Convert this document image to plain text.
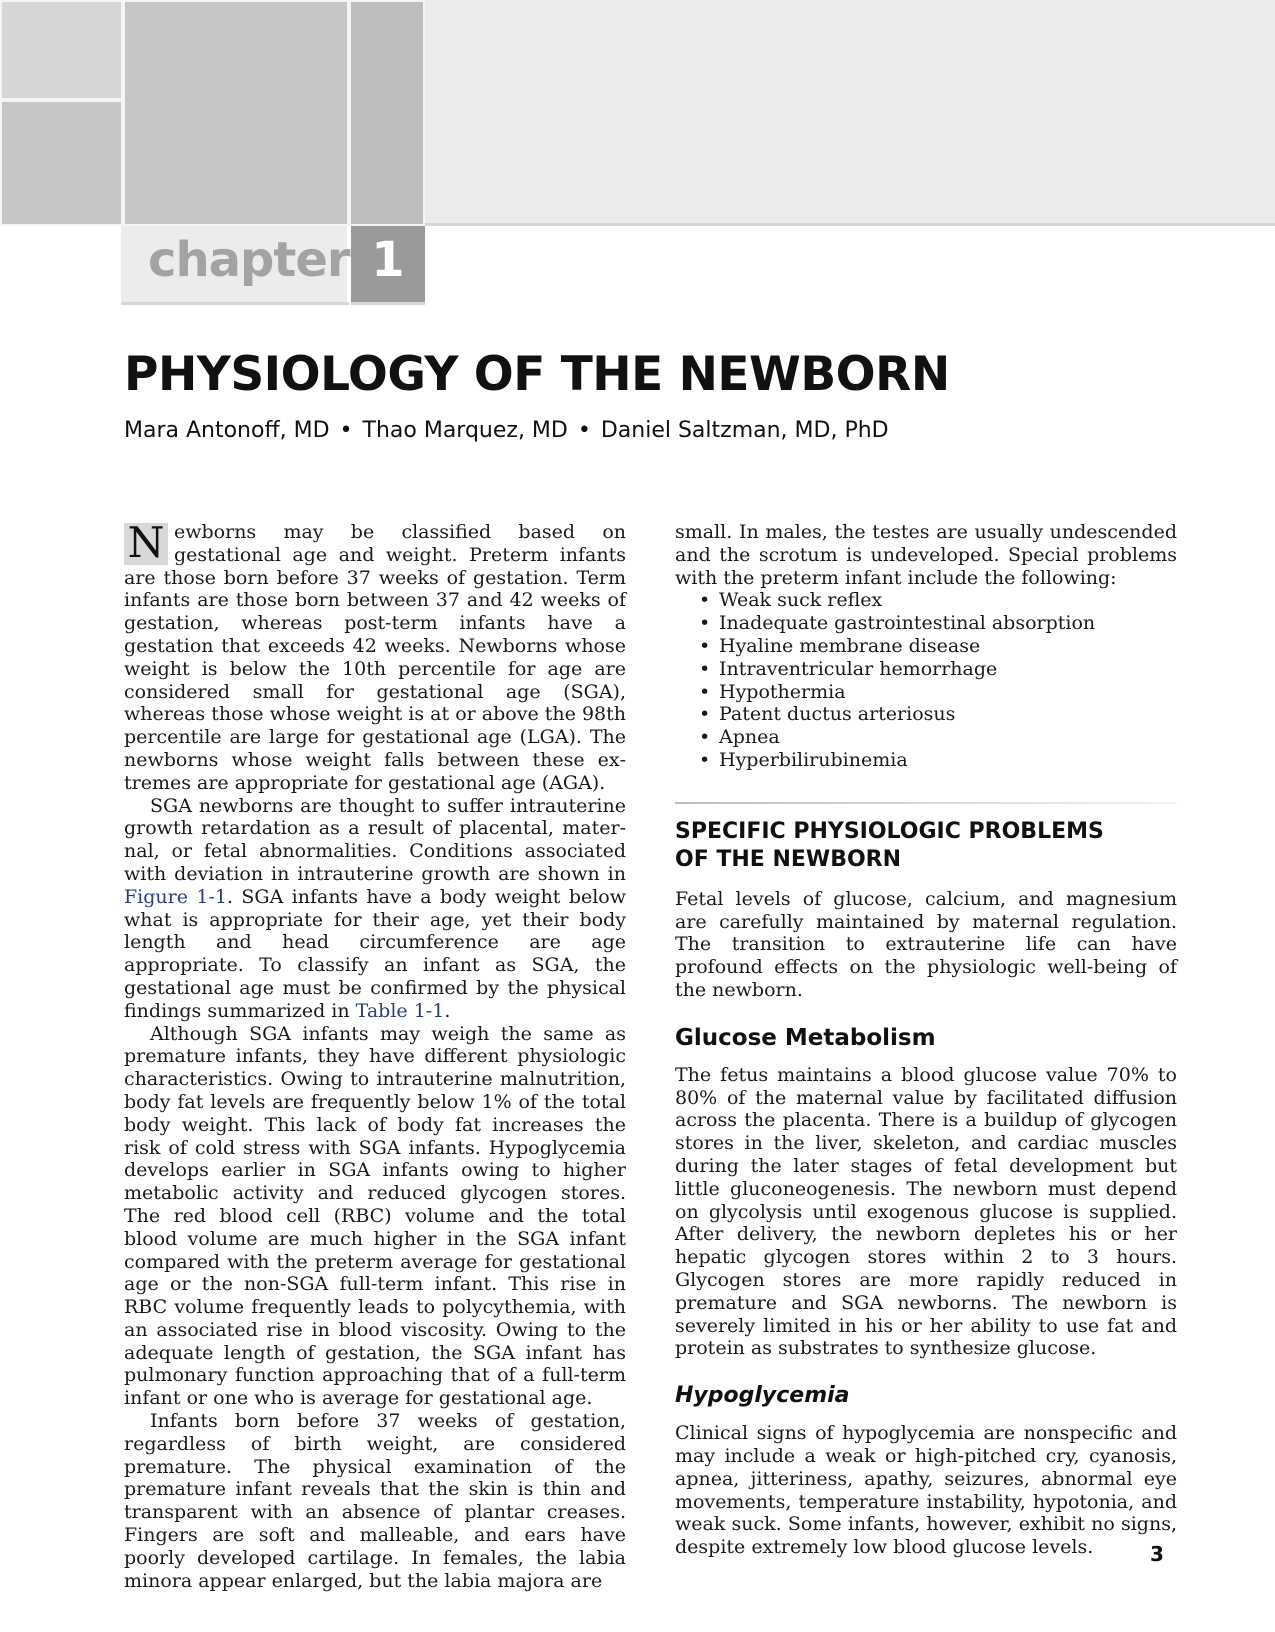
chapter 1
PHYSIOLOGY OF THE NEWBORN
Mara Antonoff, MD • Thao Marquez, MD • Daniel Saltzman, MD, PhD

N ewborns may be classified based on gestational age and weight. Preterm infants are those born before 37 weeks of gestation. Term infants are those born between 37 and 42 weeks of gestation, whereas post-term infants have a gestation that exceeds 42 weeks. Newborns whose weight is below the 10th percentile for age are considered small for gestational age (SGA), whereas those whose weight is at or above the 98th percentile are large for gestational age (LGA). The newborns whose weight falls between these extremes are appropriate for gestational age (AGA).

SGA newborns are thought to suffer intrauterine growth retardation as a result of placental, maternal, or fetal abnormalities. Conditions associated with deviation in intrauterine growth are shown in Figure 1-1. SGA infants have a body weight below what is appropriate for their age, yet their body length and head circumference are age appropriate. To classify an infant as SGA, the gestational age must be confirmed by the physical findings summarized in Table 1-1.

Although SGA infants may weigh the same as premature infants, they have different physiologic characteristics. Owing to intrauterine malnutrition, body fat levels are frequently below 1% of the total body weight. This lack of body fat increases the risk of cold stress with SGA infants. Hypoglycemia develops earlier in SGA infants owing to higher metabolic activity and reduced glycogen stores. The red blood cell (RBC) volume and the total blood volume are much higher in the SGA infant compared with the preterm average for gestational age or the non-SGA full-term infant. This rise in RBC volume frequently leads to polycythemia, with an associated rise in blood viscosity. Owing to the adequate length of gestation, the SGA infant has pulmonary function approaching that of a full-term infant or one who is average for gestational age.

Infants born before 37 weeks of gestation, regardless of birth weight, are considered premature. The physical examination of the premature infant reveals that the skin is thin and transparent with an absence of plantar creases. Fingers are soft and malleable, and ears have poorly developed cartilage. In females, the labia minora appear enlarged, but the labia majora are

small. In males, the testes are usually undescended and the scrotum is undeveloped. Special problems with the preterm infant include the following:

• Weak suck reflex
• Inadequate gastrointestinal absorption
• Hyaline membrane disease
• Intraventricular hemorrhage
• Hypothermia
• Patent ductus arteriosus
• Apnea
• Hyperbilirubinemia
SPECIFIC PHYSIOLOGIC PROBLEMS
OF THE NEWBORN

Fetal levels of glucose, calcium, and magnesium are carefully maintained by maternal regulation. The transition to extrauterine life can have profound effects on the physiologic well-being of the newborn.

Glucose Metabolism

The fetus maintains a blood glucose value 70% to 80% of the maternal value by facilitated diffusion across the placenta. There is a buildup of glycogen stores in the liver, skeleton, and cardiac muscles during the later stages of fetal development but little gluconeogenesis. The newborn must depend on glycolysis until exogenous glucose is supplied. After delivery, the newborn depletes his or her hepatic glycogen stores within 2 to 3 hours. Glycogen stores are more rapidly reduced in premature and SGA newborns. The newborn is severely limited in his or her ability to use fat and protein as substrates to synthesize glucose.

Hypoglycemia

Clinical signs of hypoglycemia are nonspecific and may include a weak or high-pitched cry, cyanosis, apnea, jitteriness, apathy, seizures, abnormal eye movements, temperature instability, hypotonia, and weak suck. Some infants, however, exhibit no signs, despite extremely low blood glucose levels.	3
